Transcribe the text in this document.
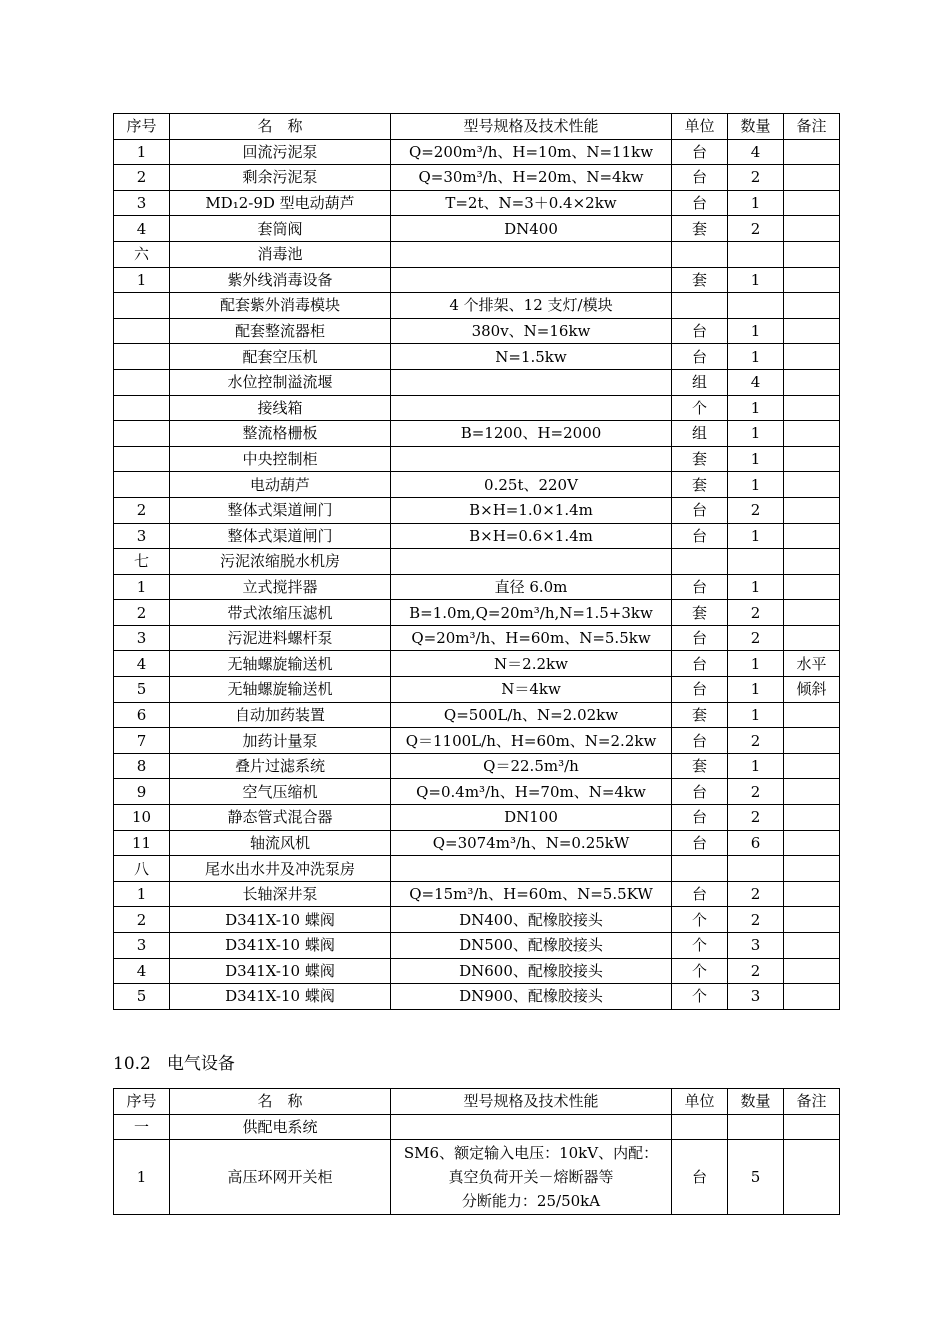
序号	名　称	型号规格及技术性能	单位	数量	备注
1	回流污泥泵	Q=200m³/h、H=10m、N=11kw	台	4	
2	剩余污泥泵	Q=30m³/h、H=20m、N=4kw	台	2	
3	MD₁2-9D 型电动葫芦	T=2t、N=3＋0.4×2kw	台	1	
4	套筒阀	DN400	套	2	
六	消毒池				
1	紫外线消毒设备		套	1	
	配套紫外消毒模块	4 个排架、12 支灯/模块			
	配套整流器柜	380v、N=16kw	台	1	
	配套空压机	N=1.5kw	台	1	
	水位控制溢流堰		组	4	
	接线箱		个	1	
	整流格栅板	B=1200、H=2000	组	1	
	中央控制柜		套	1	
	电动葫芦	0.25t、220V	套	1	
2	整体式渠道闸门	B×H=1.0×1.4m	台	2	
3	整体式渠道闸门	B×H=0.6×1.4m	台	1	
七	污泥浓缩脱水机房				
1	立式搅拌器	直径 6.0m	台	1	
2	带式浓缩压滤机	B=1.0m,Q=20m³/h,N=1.5+3kw	套	2	
3	污泥进料螺杆泵	Q=20m³/h、H=60m、N=5.5kw	台	2	
4	无轴螺旋输送机	N＝2.2kw	台	1	水平
5	无轴螺旋输送机	N＝4kw	台	1	倾斜
6	自动加药装置	Q=500L/h、N=2.02kw	套	1	
7	加药计量泵	Q＝1100L/h、H=60m、N=2.2kw	台	2	
8	叠片过滤系统	Q＝22.5m³/h	套	1	
9	空气压缩机	Q=0.4m³/h、H=70m、N=4kw	台	2	
10	静态管式混合器	DN100	台	2	
11	轴流风机	Q=3074m³/h、N=0.25kW	台	6	
八	尾水出水井及冲洗泵房				
1	长轴深井泵	Q=15m³/h、H=60m、N=5.5KW	台	2	
2	D341X-10 蝶阀	DN400、配橡胶接头	个	2	
3	D341X-10 蝶阀	DN500、配橡胶接头	个	3	
4	D341X-10 蝶阀	DN600、配橡胶接头	个	2	
5	D341X-10 蝶阀	DN900、配橡胶接头	个	3	
10.2 电气设备
序号	名　称	型号规格及技术性能	单位	数量	备注
一	供配电系统				
1	高压环网开关柜	SM6、额定输入电压：10kV、内配：
真空负荷开关－熔断器等
分断能力：25/50kA	台	5	
